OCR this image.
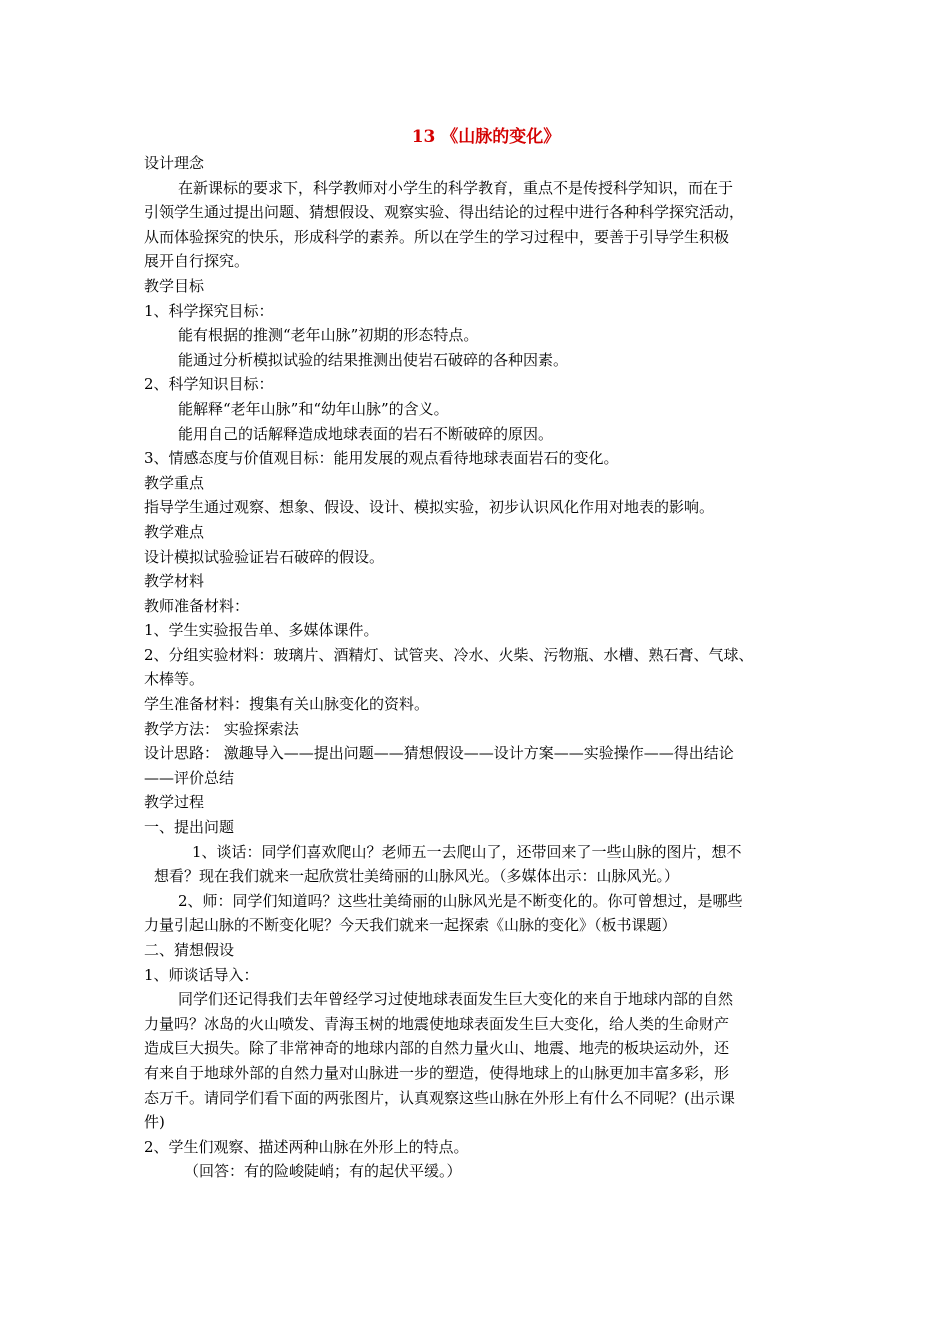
13 《山脉的变化》
设计理念
在新课标的要求下，科学教师对小学生的科学教育，重点不是传授科学知识，而在于
引领学生通过提出问题、猜想假设、观察实验、得出结论的过程中进行各种科学探究活动，
从而体验探究的快乐，形成科学的素养。所以在学生的学习过程中，要善于引导学生积极
展开自行探究。
教学目标
1、科学探究目标：
能有根据的推测“老年山脉”初期的形态特点。
能通过分析模拟试验的结果推测出使岩石破碎的各种因素。
2、科学知识目标：
能解释“老年山脉”和“幼年山脉”的含义。
能用自己的话解释造成地球表面的岩石不断破碎的原因。
3、情感态度与价值观目标：能用发展的观点看待地球表面岩石的变化。
教学重点
指导学生通过观察、想象、假设、设计、模拟实验，初步认识风化作用对地表的影响。
教学难点
设计模拟试验验证岩石破碎的假设。
教学材料
教师准备材料：
1、学生实验报告单、多媒体课件。
2、分组实验材料：玻璃片、酒精灯、试管夹、冷水、火柴、污物瓶、水槽、熟石膏、气球、
木棒等。
学生准备材料：搜集有关山脉变化的资料。
教学方法： 实验探索法
设计思路： 激趣导入——提出问题——猜想假设——设计方案——实验操作——得出结论
——评价总结
教学过程
一、提出问题
1、谈话：同学们喜欢爬山？老师五一去爬山了，还带回来了一些山脉的图片，想不
想看？现在我们就来一起欣赏壮美绮丽的山脉风光。（多媒体出示：山脉风光。）
2、师：同学们知道吗？这些壮美绮丽的山脉风光是不断变化的。你可曾想过，是哪些
力量引起山脉的不断变化呢？今天我们就来一起探索《山脉的变化》（板书课题）
二、猜想假设
1、师谈话导入：
同学们还记得我们去年曾经学习过使地球表面发生巨大变化的来自于地球内部的自然
力量吗？冰岛的火山喷发、青海玉树的地震使地球表面发生巨大变化，给人类的生命财产
造成巨大损失。除了非常神奇的地球内部的自然力量火山、地震、地壳的板块运动外，还
有来自于地球外部的自然力量对山脉进一步的塑造，使得地球上的山脉更加丰富多彩，形
态万千。请同学们看下面的两张图片，认真观察这些山脉在外形上有什么不同呢？(出示课
件)
2、学生们观察、描述两种山脉在外形上的特点。
（回答：有的险峻陡峭；有的起伏平缓。）
